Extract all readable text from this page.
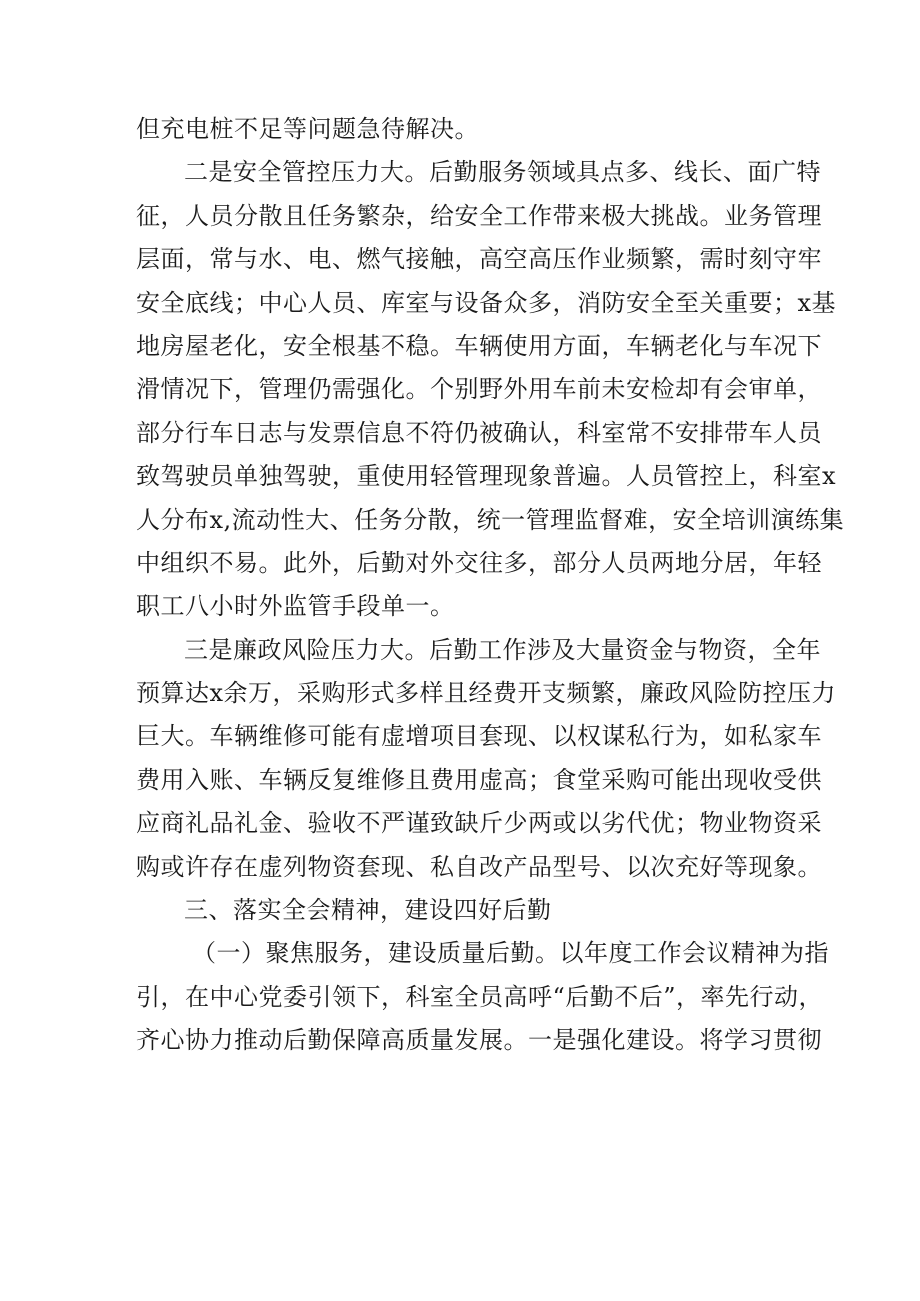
但充电桩不足等问题急待解决。
二是安全管控压力大。后勤服务领域具点多、线长、面广特
征，人员分散且任务繁杂，给安全工作带来极大挑战。业务管理
层面，常与水、电、燃气接触，高空高压作业频繁，需时刻守牢
安全底线；中心人员、库室与设备众多，消防安全至关重要；x基
地房屋老化，安全根基不稳。车辆使用方面，车辆老化与车况下
滑情况下，管理仍需强化。个别野外用车前未安检却有会审单，
部分行车日志与发票信息不符仍被确认，科室常不安排带车人员
致驾驶员单独驾驶，重使用轻管理现象普遍。人员管控上，科室x
人分布x,流动性大、任务分散，统一管理监督难，安全培训演练集
中组织不易。此外，后勤对外交往多，部分人员两地分居，年轻
职工八小时外监管手段单一。
三是廉政风险压力大。后勤工作涉及大量资金与物资，全年
预算达x余万，采购形式多样且经费开支频繁，廉政风险防控压力
巨大。车辆维修可能有虚增项目套现、以权谋私行为，如私家车
费用入账、车辆反复维修且费用虚高；食堂采购可能出现收受供
应商礼品礼金、验收不严谨致缺斤少两或以劣代优；物业物资采
购或许存在虚列物资套现、私自改产品型号、以次充好等现象。
三、落实全会精神，建设四好后勤
（一）聚焦服务，建设质量后勤。以年度工作会议精神为指
引，在中心党委引领下，科室全员高呼“后勤不后”，率先行动，
齐心协力推动后勤保障高质量发展。一是强化建设。将学习贯彻
